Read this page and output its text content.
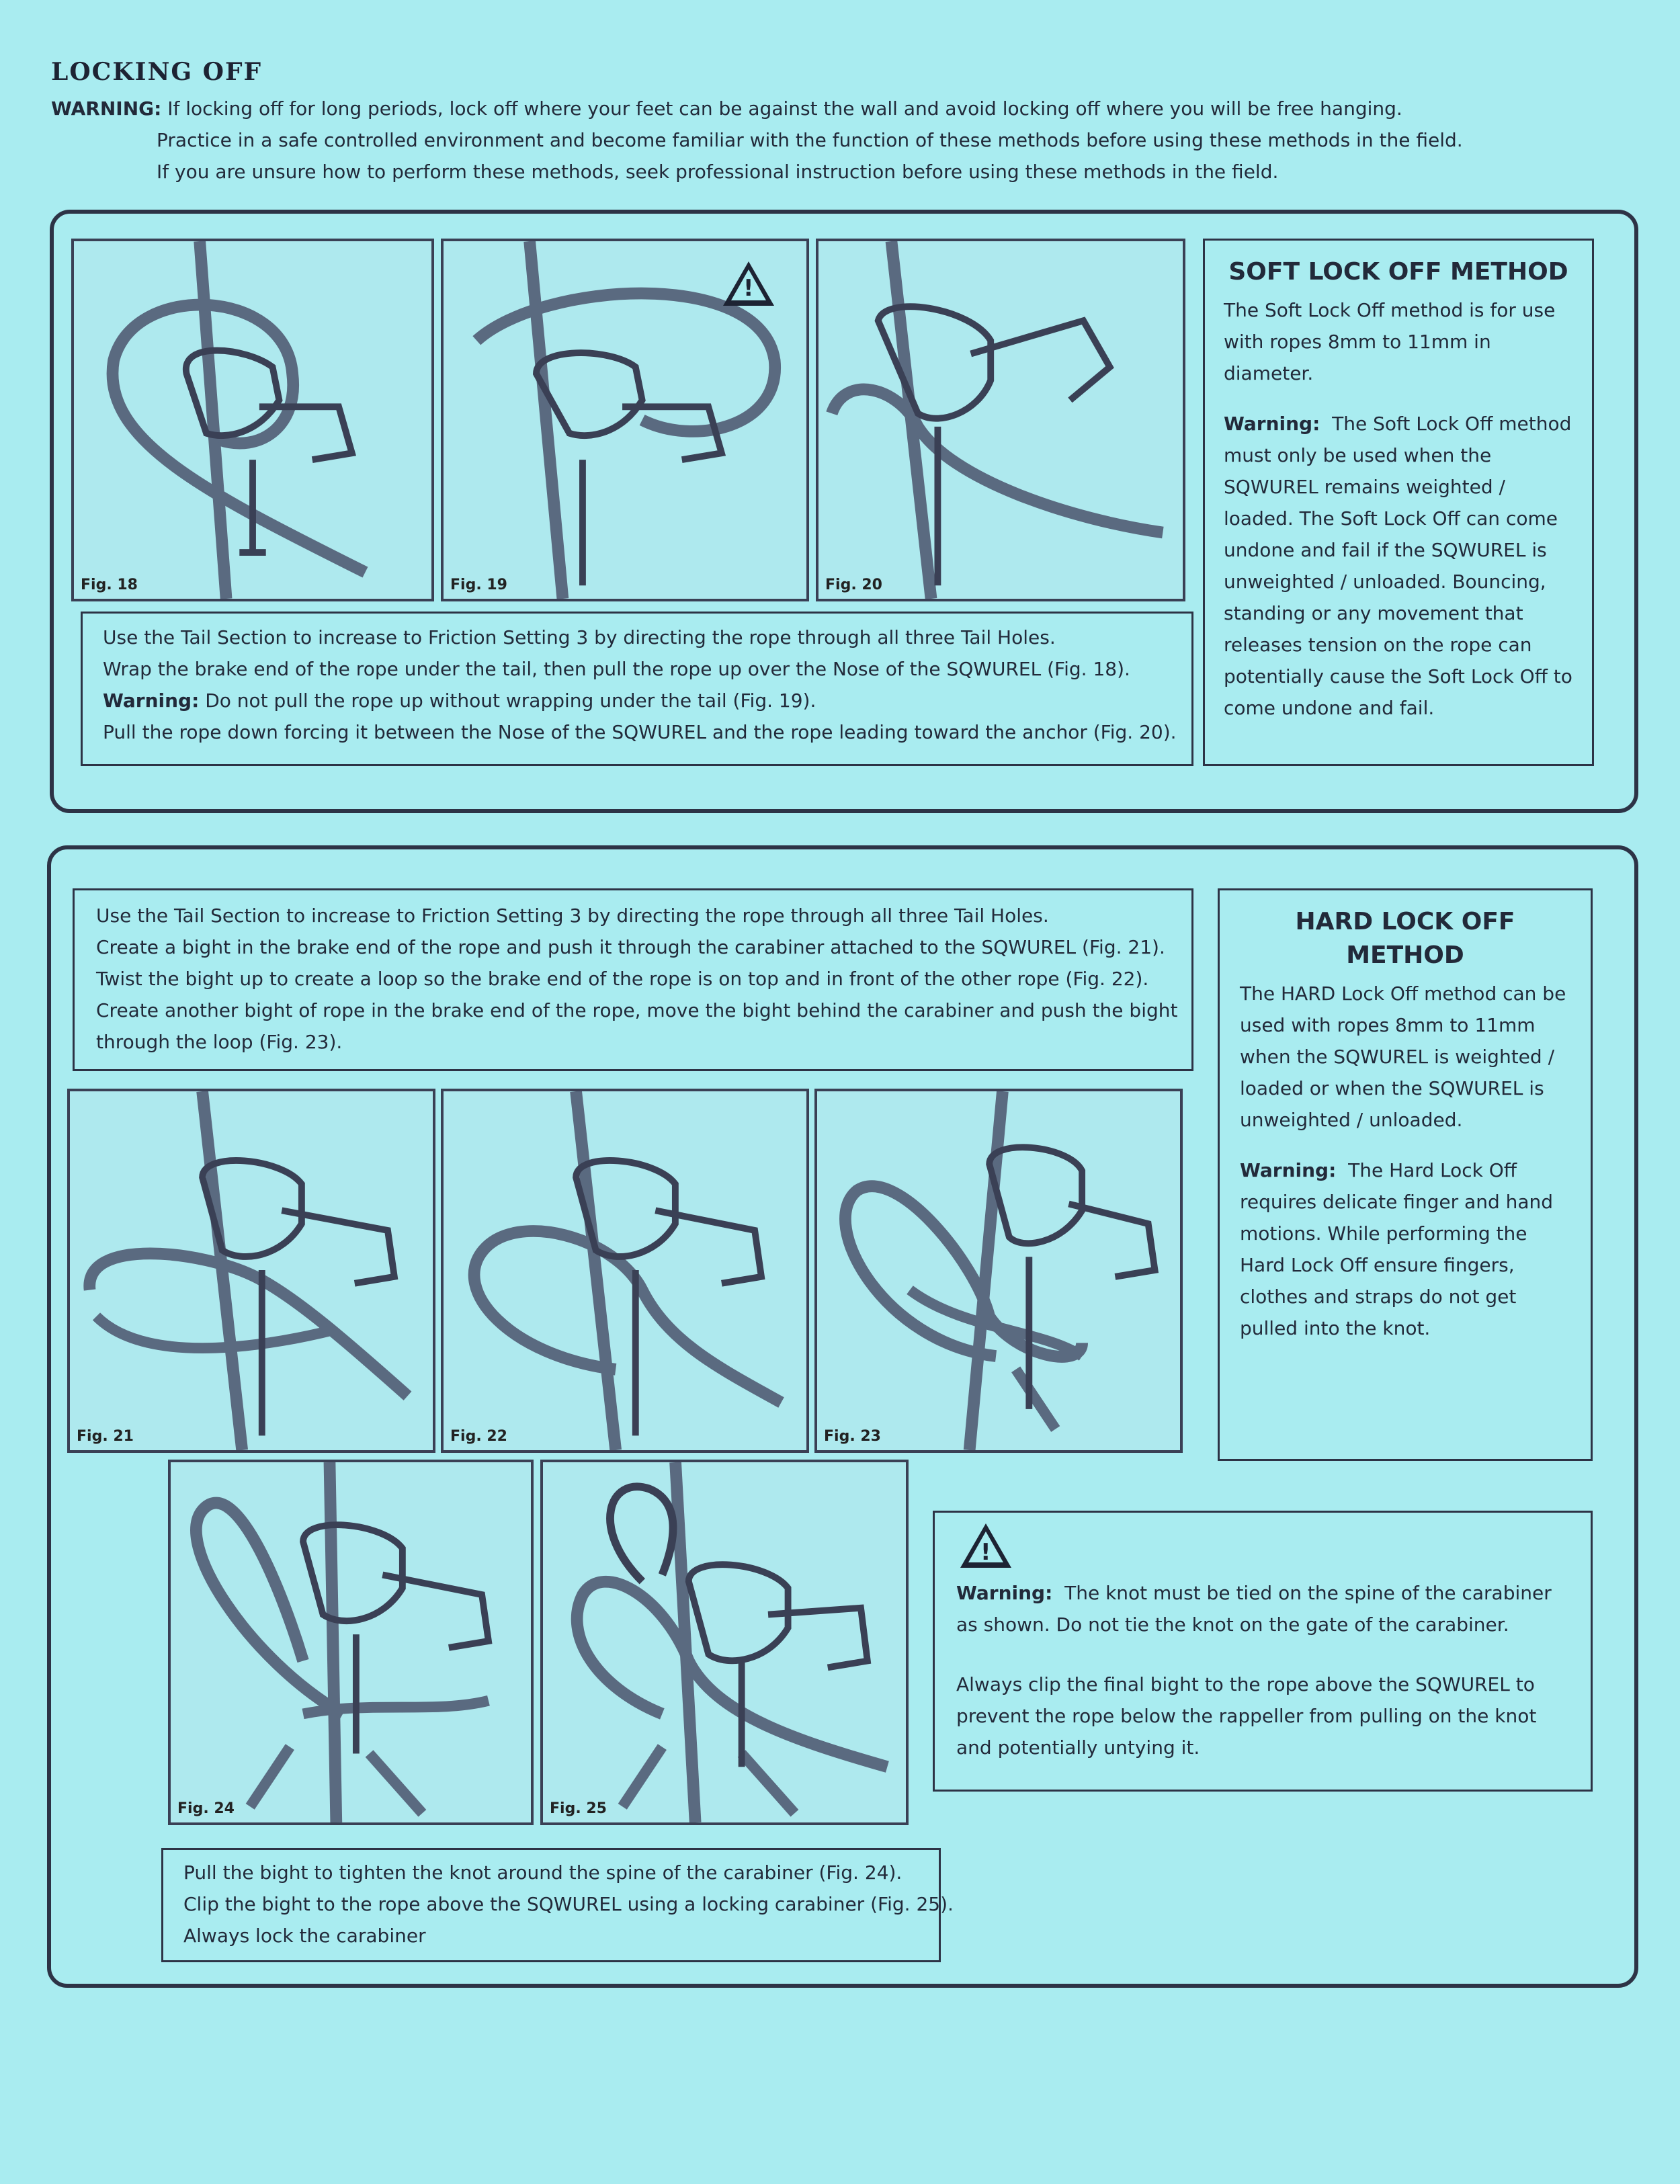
LOCKING OFF
WARNING: If locking off for long periods, lock off where your feet can be against the wall and avoid locking off where you will be free hanging.
Practice in a safe controlled environment and become familiar with the function of these methods before using these methods in the field.
If you are unsure how to perform these methods, seek professional instruction before using these methods in the field.
Fig. 18
!
Fig. 19	Fig. 20
Use the Tail Section to increase to Friction Setting 3 by directing the rope through all three Tail Holes.
Wrap the brake end of the rope under the tail, then pull the rope up over the Nose of the SQWUREL (Fig. 18).
Warning: Do not pull the rope up without wrapping under the tail (Fig. 19).
Pull the rope down forcing it between the Nose of the SQWUREL and the rope leading toward the anchor (Fig. 20).
SOFT LOCK OFF METHOD
The Soft Lock Off method is for use with ropes 8mm to 11mm in diameter.
Warning: The Soft Lock Off method must only be used when the SQWUREL remains weighted / loaded. The Soft Lock Off can come undone and fail if the SQWUREL is unweighted / unloaded. Bouncing, standing or any movement that releases tension on the rope can potentially cause the Soft Lock Off to come undone and fail.
Use the Tail Section to increase to Friction Setting 3 by directing the rope through all three Tail Holes.
Create a bight in the brake end of the rope and push it through the carabiner attached to the SQWUREL (Fig. 21).
Twist the bight up to create a loop so the brake end of the rope is on top and in front of the other rope (Fig. 22).
Create another bight of rope in the brake end of the rope, move the bight behind the carabiner and push the bight
through the loop (Fig. 23).
Fig. 21	Fig. 22	Fig. 23
HARD LOCK OFF METHOD
The HARD Lock Off method can be used with ropes 8mm to 11mm when the SQWUREL is weighted / loaded or when the SQWUREL is unweighted / unloaded.
Warning: The Hard Lock Off requires delicate finger and hand motions. While performing the Hard Lock Off ensure fingers, clothes and straps do not get pulled into the knot.
Fig. 24	Fig. 25
!
Warning: The knot must be tied on the spine of the carabiner as shown. Do not tie the knot on the gate of the carabiner.
Always clip the final bight to the rope above the SQWUREL to prevent the rope below the rappeller from pulling on the knot and potentially untying it.
Pull the bight to tighten the knot around the spine of the carabiner (Fig. 24).
Clip the bight to the rope above the SQWUREL using a locking carabiner (Fig. 25).
Always lock the carabiner
